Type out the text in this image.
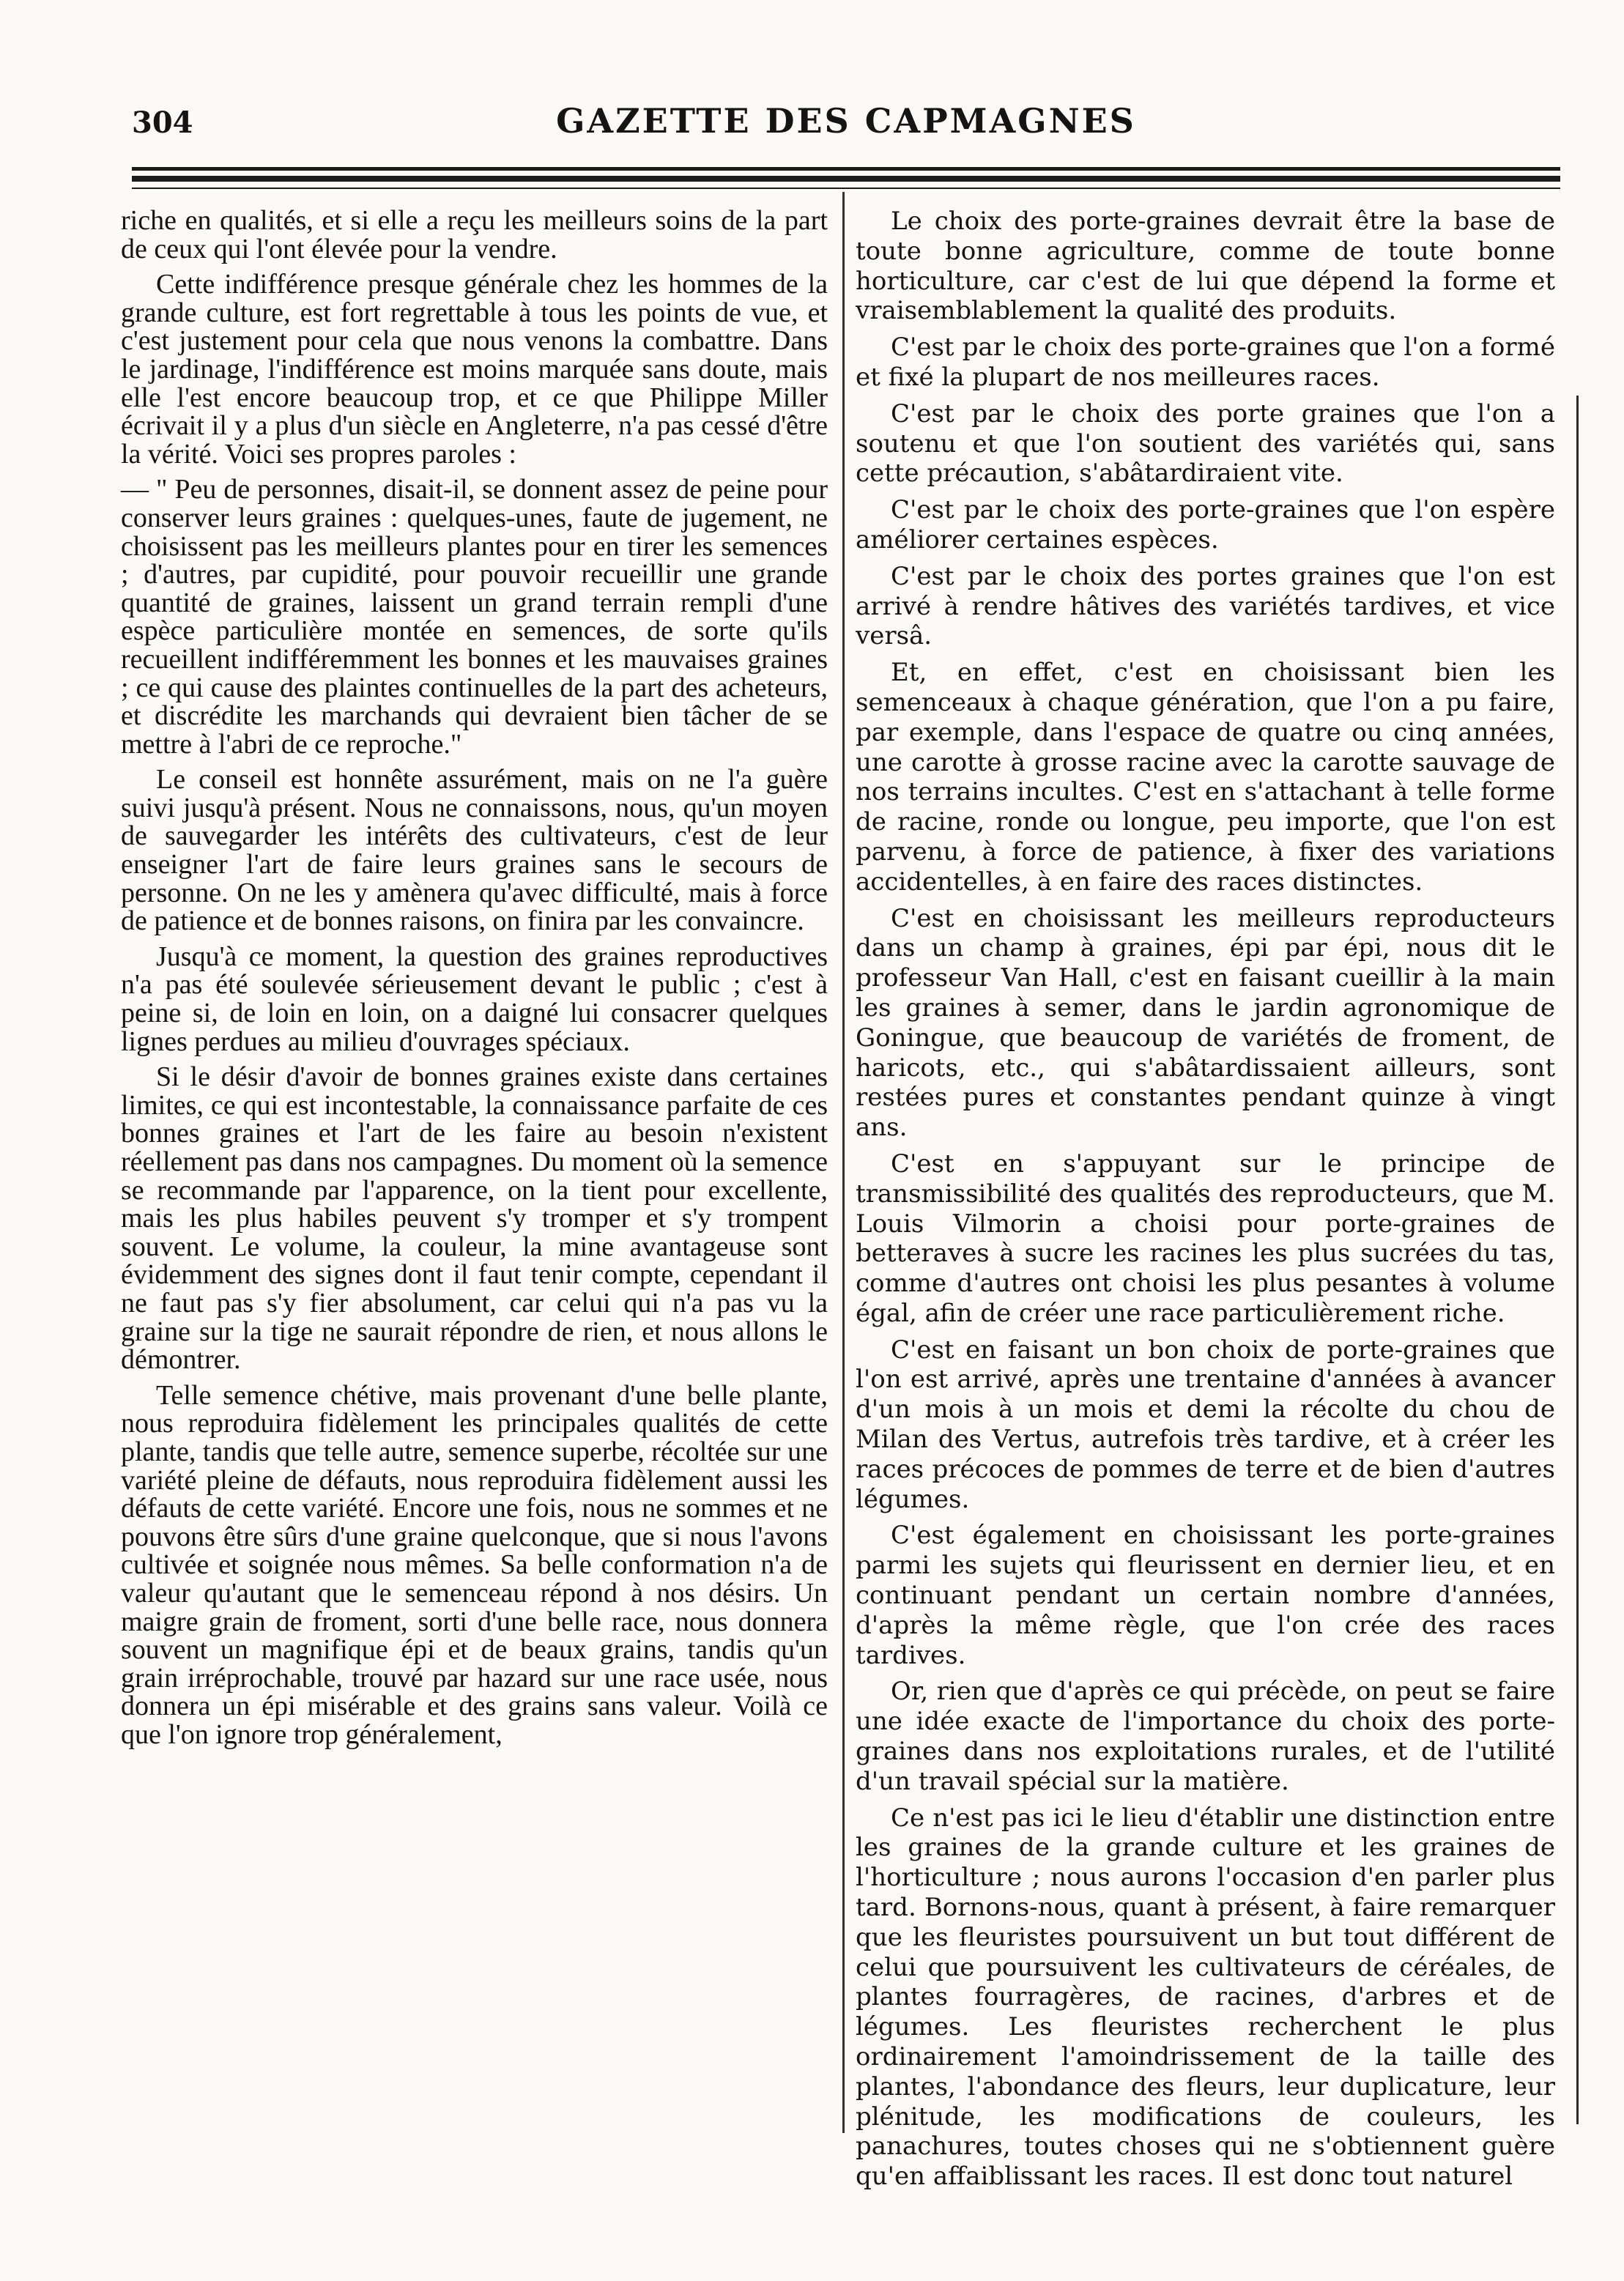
304	GAZETTE DES CAPMAGNES

riche en qualités, et si elle a reçu les meilleurs soins de la part de ceux qui l'ont élevée pour la vendre.

Cette indifférence presque générale chez les hommes de la grande culture, est fort regrettable à tous les points de vue, et c'est justement pour cela que nous venons la combattre. Dans le jardinage, l'indifférence est moins marquée sans doute, mais elle l'est encore beaucoup trop, et ce que Philippe Miller écrivait il y a plus d'un siècle en Angleterre, n'a pas cessé d'être la vérité. Voici ses propres paroles :

— " Peu de personnes, disait-il, se donnent assez de peine pour conserver leurs graines : quelques-unes, faute de jugement, ne choisissent pas les meilleurs plantes pour en tirer les semences ; d'autres, par cupidité, pour pouvoir recueillir une grande quantité de graines, laissent un grand terrain rempli d'une espèce particulière montée en semences, de sorte qu'ils recueillent indifféremment les bonnes et les mauvaises graines ; ce qui cause des plaintes continuelles de la part des acheteurs, et discrédite les marchands qui devraient bien tâcher de se mettre à l'abri de ce reproche."

Le conseil est honnête assurément, mais on ne l'a guère suivi jusqu'à présent. Nous ne connaissons, nous, qu'un moyen de sauvegarder les intérêts des cultivateurs, c'est de leur enseigner l'art de faire leurs graines sans le secours de personne. On ne les y amènera qu'avec difficulté, mais à force de patience et de bonnes raisons, on finira par les convaincre.

Jusqu'à ce moment, la question des graines reproductives n'a pas été soulevée sérieusement devant le public ; c'est à peine si, de loin en loin, on a daigné lui consacrer quelques lignes perdues au milieu d'ouvrages spéciaux.

Si le désir d'avoir de bonnes graines existe dans certaines limites, ce qui est incontestable, la connaissance parfaite de ces bonnes graines et l'art de les faire au besoin n'existent réellement pas dans nos campagnes. Du moment où la semence se recommande par l'apparence, on la tient pour excellente, mais les plus habiles peuvent s'y tromper et s'y trompent souvent. Le volume, la couleur, la mine avantageuse sont évidemment des signes dont il faut tenir compte, cependant il ne faut pas s'y fier absolument, car celui qui n'a pas vu la graine sur la tige ne saurait répondre de rien, et nous allons le démontrer.

Telle semence chétive, mais provenant d'une belle plante, nous reproduira fidèlement les principales qualités de cette plante, tandis que telle autre, semence superbe, récoltée sur une variété pleine de défauts, nous reproduira fidèlement aussi les défauts de cette variété. Encore une fois, nous ne sommes et ne pouvons être sûrs d'une graine quelconque, que si nous l'avons cultivée et soignée nous mêmes. Sa belle conformation n'a de valeur qu'autant que le semenceau répond à nos désirs. Un maigre grain de froment, sorti d'une belle race, nous donnera souvent un magnifique épi et de beaux grains, tandis qu'un grain irréprochable, trouvé par hazard sur une race usée, nous donnera un épi misérable et des grains sans valeur. Voilà ce que l'on ignore trop généralement,

Le choix des porte-graines devrait être la base de toute bonne agriculture, comme de toute bonne horticulture, car c'est de lui que dépend la forme et vraisemblablement la qualité des produits.

C'est par le choix des porte-graines que l'on a formé et fixé la plupart de nos meilleures races.

C'est par le choix des porte graines que l'on a soutenu et que l'on soutient des variétés qui, sans cette précaution, s'abâtardiraient vite.

C'est par le choix des porte-graines que l'on espère améliorer certaines espèces.

C'est par le choix des portes graines que l'on est arrivé à rendre hâtives des variétés tardives, et vice versâ.

Et, en effet, c'est en choisissant bien les semenceaux à chaque génération, que l'on a pu faire, par exemple, dans l'espace de quatre ou cinq années, une carotte à grosse racine avec la carotte sauvage de nos terrains incultes. C'est en s'attachant à telle forme de racine, ronde ou longue, peu importe, que l'on est parvenu, à force de patience, à fixer des variations accidentelles, à en faire des races distinctes.

C'est en choisissant les meilleurs reproducteurs dans un champ à graines, épi par épi, nous dit le professeur Van Hall, c'est en faisant cueillir à la main les graines à semer, dans le jardin agronomique de Goningue, que beaucoup de variétés de froment, de haricots, etc., qui s'abâtardissaient ailleurs, sont restées pures et constantes pendant quinze à vingt ans.

C'est en s'appuyant sur le principe de transmissibilité des qualités des reproducteurs, que M. Louis Vilmorin a choisi pour porte-graines de betteraves à sucre les racines les plus sucrées du tas, comme d'autres ont choisi les plus pesantes à volume égal, afin de créer une race particulièrement riche.

C'est en faisant un bon choix de porte-graines que l'on est arrivé, après une trentaine d'années à avancer d'un mois à un mois et demi la récolte du chou de Milan des Vertus, autrefois très tardive, et à créer les races précoces de pommes de terre et de bien d'autres légumes.

C'est également en choisissant les porte-graines parmi les sujets qui fleurissent en dernier lieu, et en continuant pendant un certain nombre d'années, d'après la même règle, que l'on crée des races tardives.

Or, rien que d'après ce qui précède, on peut se faire une idée exacte de l'importance du choix des porte-graines dans nos exploitations rurales, et de l'utilité d'un travail spécial sur la matière.

Ce n'est pas ici le lieu d'établir une distinction entre les graines de la grande culture et les graines de l'horticulture ; nous aurons l'occasion d'en parler plus tard. Bornons-nous, quant à présent, à faire remarquer que les fleuristes poursuivent un but tout différent de celui que poursuivent les cultivateurs de céréales, de plantes fourragères, de racines, d'arbres et de légumes. Les fleuristes recherchent le plus ordinairement l'amoindrissement de la taille des plantes, l'abondance des fleurs, leur duplicature, leur plénitude, les modifications de couleurs, les panachures, toutes choses qui ne s'obtiennent guère qu'en affaiblissant les races. Il est donc tout naturel
